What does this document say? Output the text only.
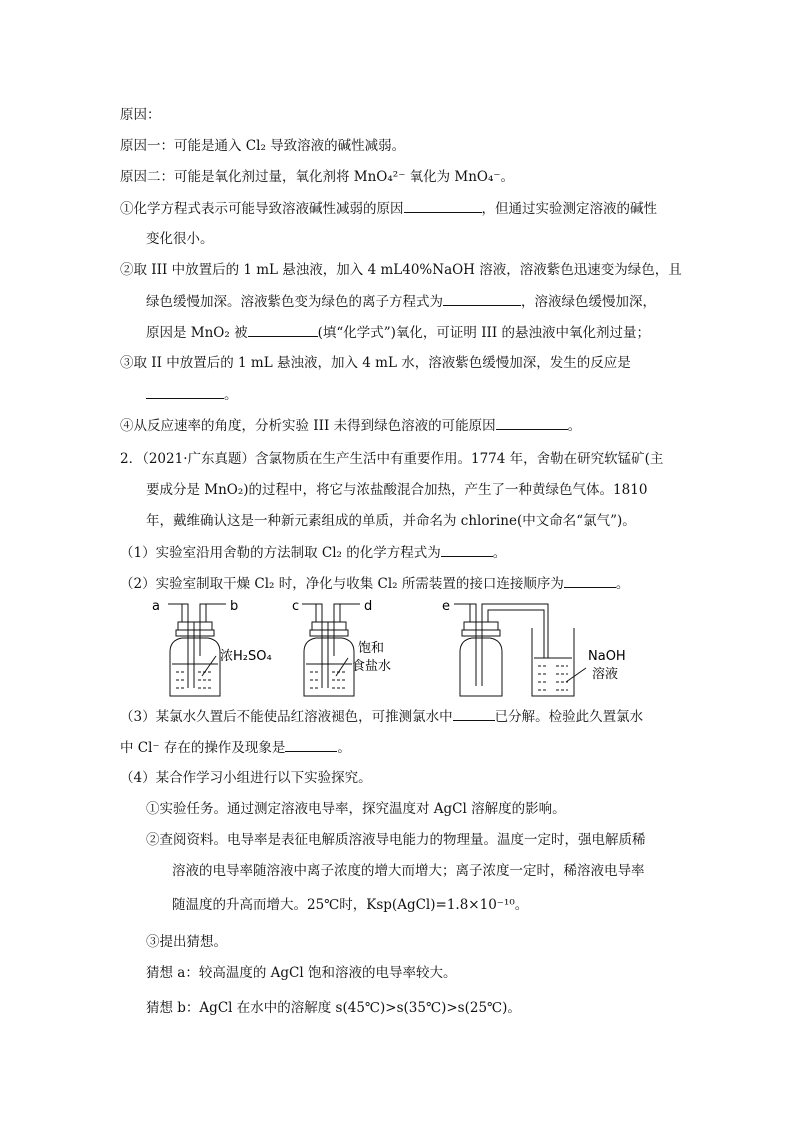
原因：
原因一：可能是通入 Cl₂ 导致溶液的碱性减弱。
原因二：可能是氧化剂过量，氧化剂将 MnO₄²⁻ 氧化为 MnO₄⁻。
①化学方程式表示可能导致溶液碱性减弱的原因	，但通过实验测定溶液的碱性
变化很小。
②取 III 中放置后的 1 mL 悬浊液，加入 4 mL40%NaOH 溶液，溶液紫色迅速变为绿色，且
绿色缓慢加深。溶液紫色变为绿色的离子方程式为	，溶液绿色缓慢加深，
原因是 MnO₂ 被	(填“化学式”)氧化，可证明 III 的悬浊液中氧化剂过量；
③取 II 中放置后的 1 mL 悬浊液，加入 4 mL 水，溶液紫色缓慢加深，发生的反应是
。
④从反应速率的角度，分析实验 III 未得到绿色溶液的可能原因	。
2．（2021·广东真题）含氯物质在生产生活中有重要作用。1774 年，舍勒在研究软锰矿(主
要成分是 MnO₂)的过程中，将它与浓盐酸混合加热，产生了一种黄绿色气体。1810
年，戴维确认这是一种新元素组成的单质，并命名为 chlorine(中文命名“氯气”)。
（1）实验室沿用舍勒的方法制取 Cl₂ 的化学方程式为	。
（2）实验室制取干燥 Cl₂ 时，净化与收集 Cl₂ 所需装置的接口连接顺序为	。
a	b	c	d	e
浓H₂SO₄
饱和
食盐水
NaOH
溶液
（3）某氯水久置后不能使品红溶液褪色，可推测氯水中	已分解。检验此久置氯水
中 Cl⁻ 存在的操作及现象是	。
（4）某合作学习小组进行以下实验探究。
①实验任务。通过测定溶液电导率，探究温度对 AgCl 溶解度的影响。
②查阅资料。电导率是表征电解质溶液导电能力的物理量。温度一定时，强电解质稀
溶液的电导率随溶液中离子浓度的增大而增大；离子浓度一定时，稀溶液电导率
随温度的升高而增大。25℃时，Ksp(AgCl)=1.8×10⁻¹⁰。
③提出猜想。
猜想 a：较高温度的 AgCl 饱和溶液的电导率较大。
猜想 b：AgCl 在水中的溶解度 s(45℃)>s(35℃)>s(25℃)。
